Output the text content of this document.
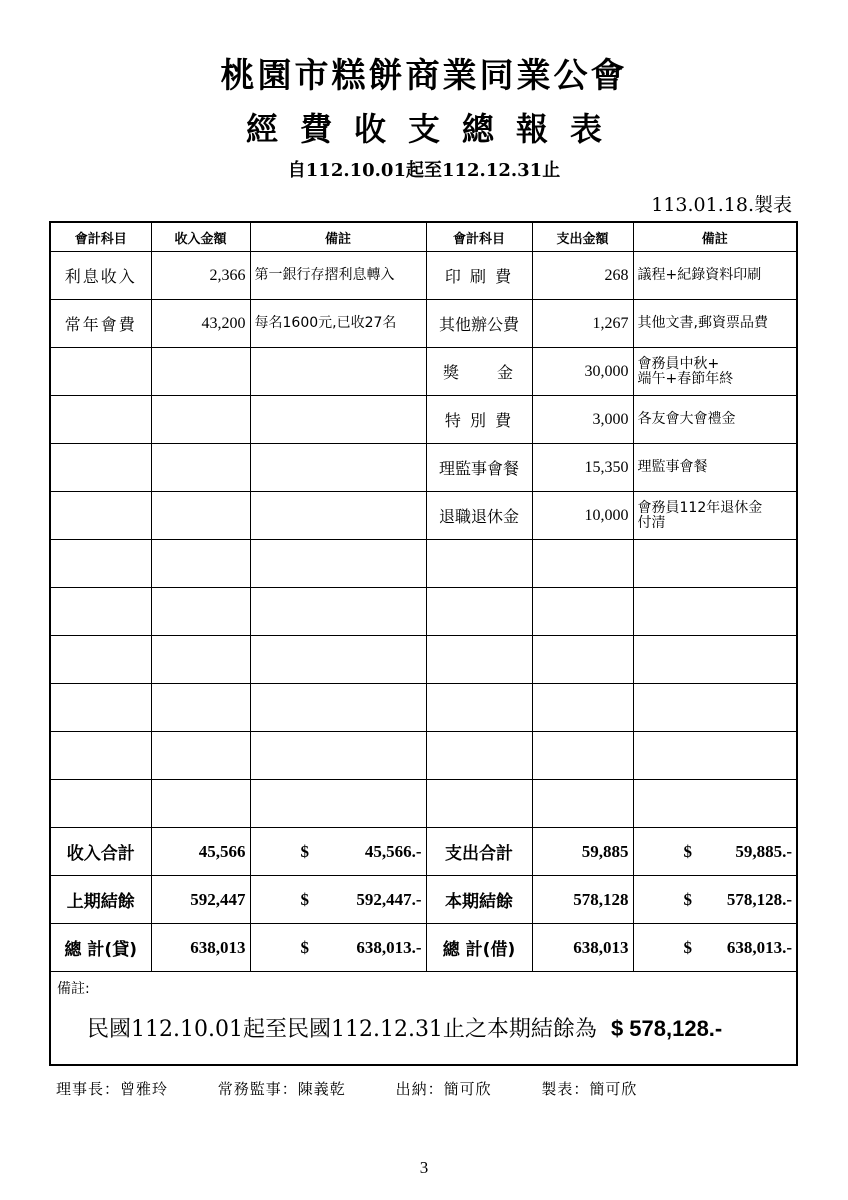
桃園市糕餅商業同業公會
經費收支總報表
自112.10.01起至112.12.31止
113.01.18.製表
會計科目	收入金額	備註	會計科目	支出金額	備註
利息收入	2,366	第一銀行存摺利息轉入	印 刷 費	268	議程+紀錄資料印刷
常年會費	43,200	每名1600元,已收27名	其他辦公費	1,267	其他文書,郵資票品費
			獎　　金	30,000	會務員中秋+
端午+春節年終
			特 別 費	3,000	各友會大會禮金
			理監事會餐	15,350	理監事會餐
			退職退休金	10,000	會務員112年退休金
付清

收入合計	45,566	$ 45,566.-	支出合計	59,885	$ 59,885.-

上期結餘	592,447	$ 592,447.-	本期結餘	578,128	$ 578,128.-

總 計(貸)	638,013	$ 638,013.-	總 計(借)	638,013	$ 638,013.-

備註:
民國112.10.01起至民國112.12.31止之本期結餘為 $ 578,128.-					
理事長：曾雅玲	常務監事：陳義乾	出納：簡可欣	製表：簡可欣
3
